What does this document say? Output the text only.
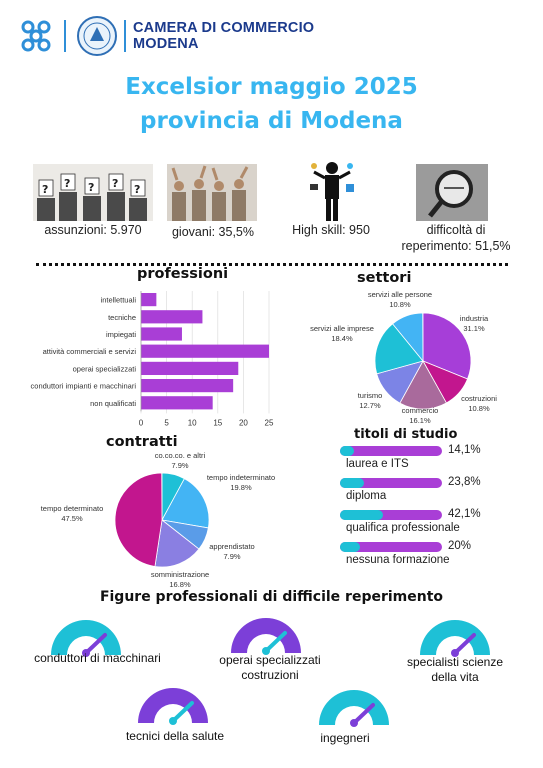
CAMERA DI COMMERCIO
MODENA
Excelsior maggio 2025
provincia di Modena
? ? ? ? ?
assunzioni: 5.970	giovani: 35,5%	High skill: 950	difficoltà di
reperimento: 51,5%
professioni
0	5 10 15 20 25
intellettuali
tecniche
impiegati
attività commerciali e servizi
operai specializzati
conduttori impianti e macchinari
non qualificati
settori
industria
31.1%
costruzioni
10.8%
commercio
16.1%
turismo
12.7%
servizi alle imprese
18.4%
servizi alle persone
10.8%
contratti
co.co.co. e altri
7.9%
tempo indeterminato
19.8%
apprendistato
7.9%
somministrazione
16.8%
tempo determinato
47.5%
titoli di studio
14,1%
laurea e ITS
23,8%
diploma
42,1%
qualifica professionale
20%
nessuna formazione
Figure professionali di difficile reperimento
conduttori di macchinari	operai specializzati
costruzioni
specialisti scienze
della vita
tecnici della salute	ingegneri
